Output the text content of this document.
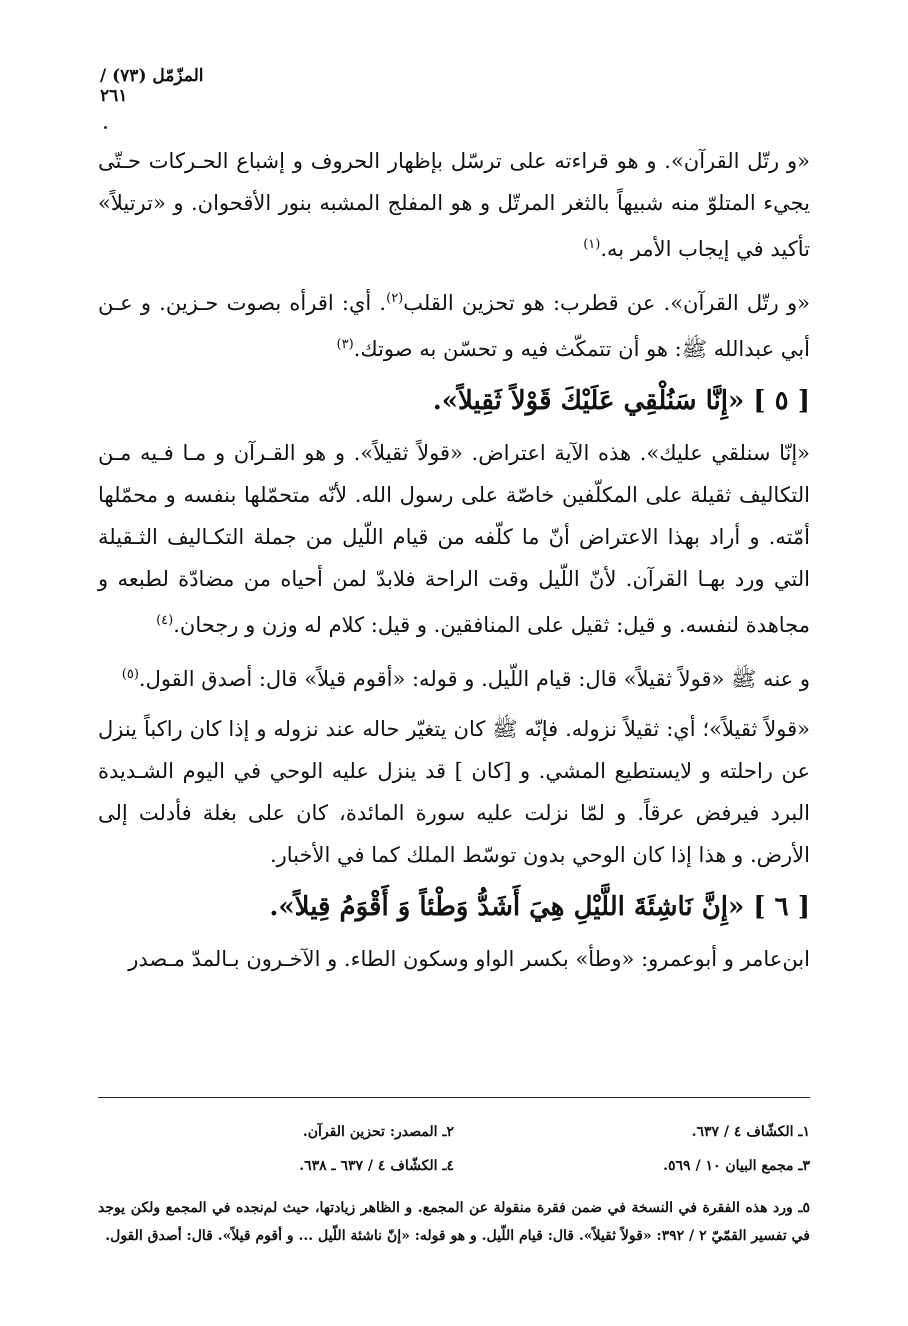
المزّمّل (٧٣) / ٢٦١

«و رتّل القرآن». و هو قراءته على ترسّل بإظهار الحروف و إشباع الحـركات حـتّى يجيء المتلوّ منه شبيهاً بالثغر المرتّل و هو المفلج المشبه بنور الأقحوان. و «ترتيلاً» تأكيد في إيجاب الأمر به.$^{(١)}$

«و رتّل القرآن». عن قطرب: هو تحزين القلب$^{(٢)}$. أي: اقرأه بصوت حـزين. و عـن أبي عبدالله ﷺ: هو أن تتمكّث فيه و تحسّن به صوتك.$^{(٣)}$

[ ٥ ] «إِنَّا سَنُلْقِي عَلَيْكَ قَوْلاً ثَقِيلاً».

«إنّا سنلقي عليك». هذه الآية اعتراض. «قولاً ثقيلاً». و هو القـرآن و مـا فـيه مـن التكاليف ثقيلة على المكلّفين خاصّة على رسول الله. لأنّه متحمّلها بنفسه و محمّلها أمّته. و أراد بهذا الاعتراض أنّ ما كلّفه من قيام اللّيل من جملة التكـاليف الثـقيلة التي ورد بهـا القرآن. لأنّ اللّيل وقت الراحة فلابدّ لمن أحياه من مضادّة لطبعه و مجاهدة لنفسه. و قيل: ثقيل على المنافقين. و قيل: كلام له وزن و رجحان.$^{(٤)}$

و عنه ﷺ «قولاً ثقيلاً» قال: قيام اللّيل. و قوله: «أقوم قيلاً» قال: أصدق القول.$^{(٥)}$

«قولاً ثقيلاً»؛ أي: ثقيلاً نزوله. فإنّه ﷺ كان يتغيّر حاله عند نزوله و إذا كان راكباً ينزل عن راحلته و لايستطيع المشي. و [كان ] قد ينزل عليه الوحي في اليوم الشـديدة البرد فيرفض عرقاً. و لمّا نزلت عليه سورة المائدة، كان على بغلة فأدلت إلى الأرض. و هذا إذا كان الوحي بدون توسّط الملك كما في الأخبار.

[ ٦ ] «إِنَّ نَاشِئَةَ اللَّيْلِ هِيَ أَشَدُّ وَطْئاً وَ أَقْوَمُ قِيلاً».

ابن‌عامر و أبوعمرو: «وطأ» بكسر الواو وسكون الطاء. و الآخـرون بـالمدّ مـصدر

١ـ الكشّاف ٤ / ٦٣٧.
٢ـ المصدر: تحزين القرآن.
٣ـ مجمع البيان ١٠ / ٥٦٩.
٤ـ الكشّاف ٤ / ٦٣٧ ـ ٦٣٨.
٥ـ ورد هذه الفقرة في النسخة في ضمن فقرة منقولة عن المجمع. و الظاهر زيادتها، حيث لم‌نجده في المجمع ولكن يوجد في تفسير القمّيّ ٢ / ٣٩٢: «قولاً ثقيلاً». قال: قيام اللّيل. و هو قوله: «إنّ ناشئة اللّيل ... و أقوم قيلاً». قال: أصدق القول.
